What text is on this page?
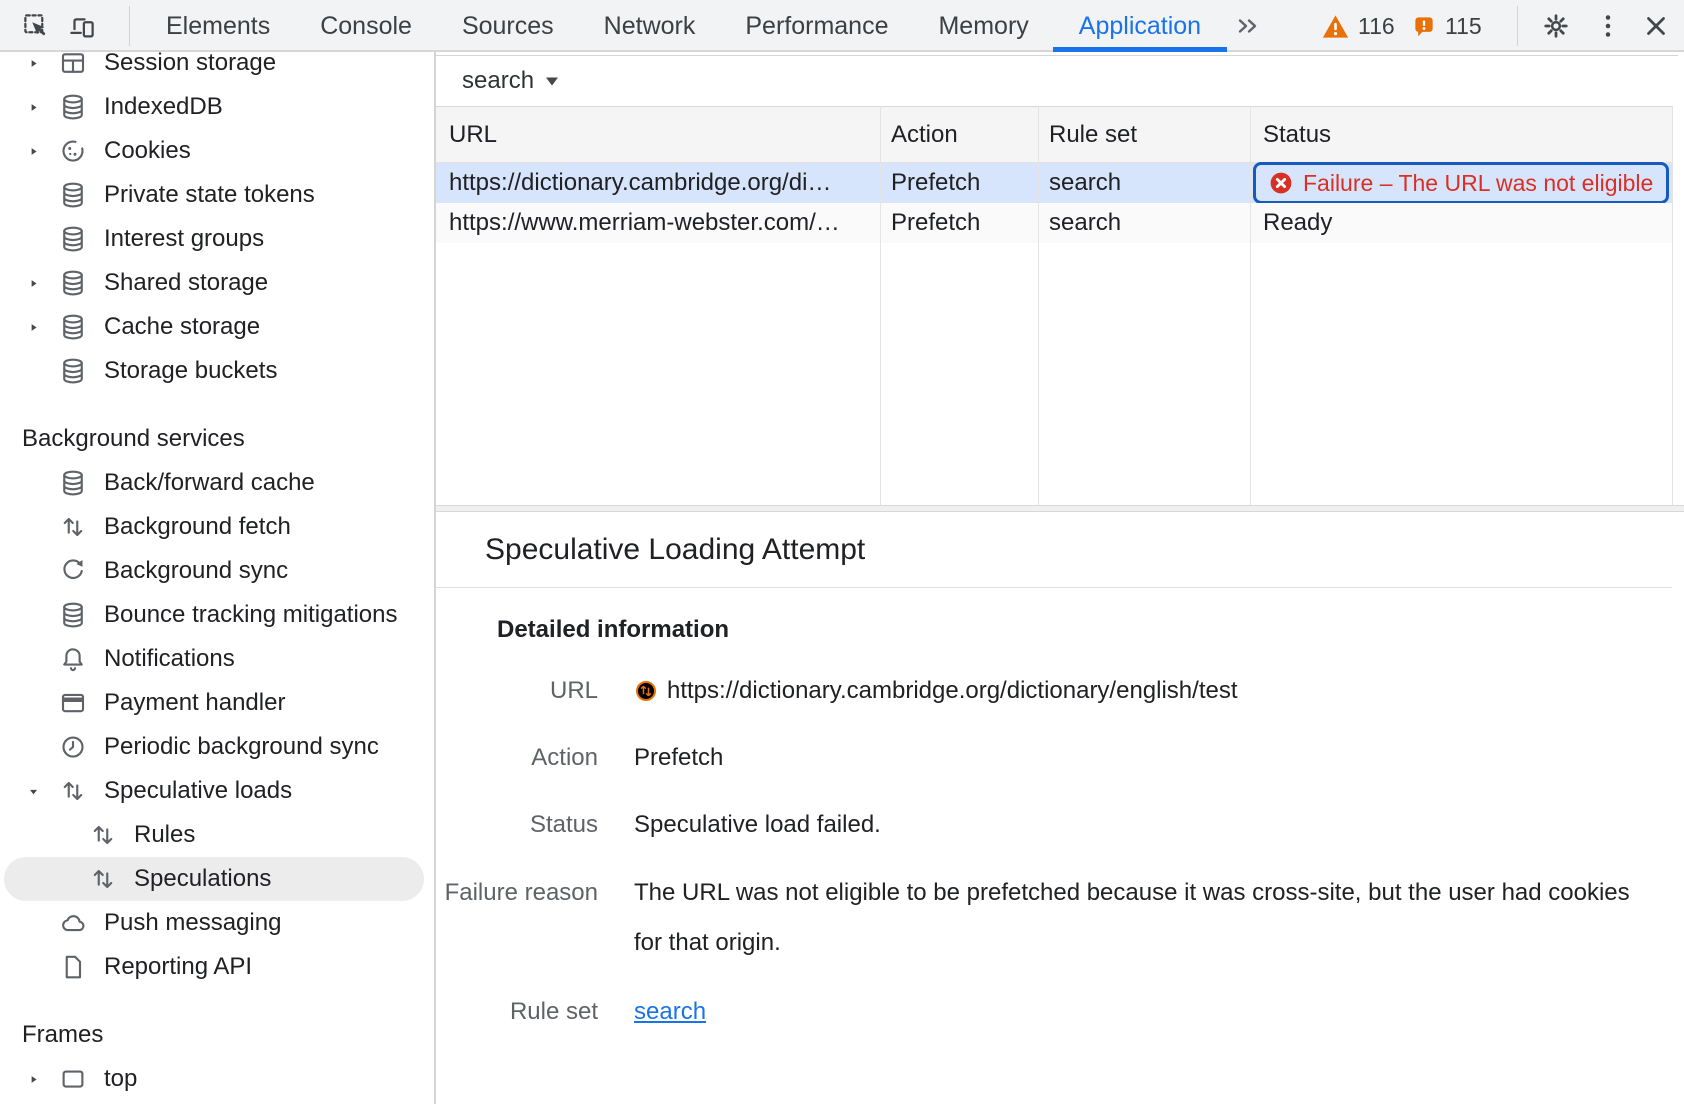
Elements Console Sources Network Performance Memory Application	116 115
Session storage
IndexedDB
Cookies
Private state tokens
Interest groups
Shared storage
Cache storage
Storage buckets
Background services
Back/forward cache
Background fetch
Background sync
Bounce tracking mitigations
Notifications
Payment handler
Periodic background sync
Speculative loads
Rules
Speculations
Push messaging
Reporting API
Frames
top
search
URL	Action	Rule set	Status
https://dictionary.cambridge.org/di…	Prefetch	search	Failure – The URL was not eligible
https://www.merriam-webster.com/…	Prefetch	search	Ready
Speculative Loading Attempt
Detailed information
URL	https://dictionary.cambridge.org/dictionary/english/test
Action Prefetch
Status Speculative load failed.
Failure reason The URL was not eligible to be prefetched because it was cross-site, but the user had cookies for that origin.
Rule set search
